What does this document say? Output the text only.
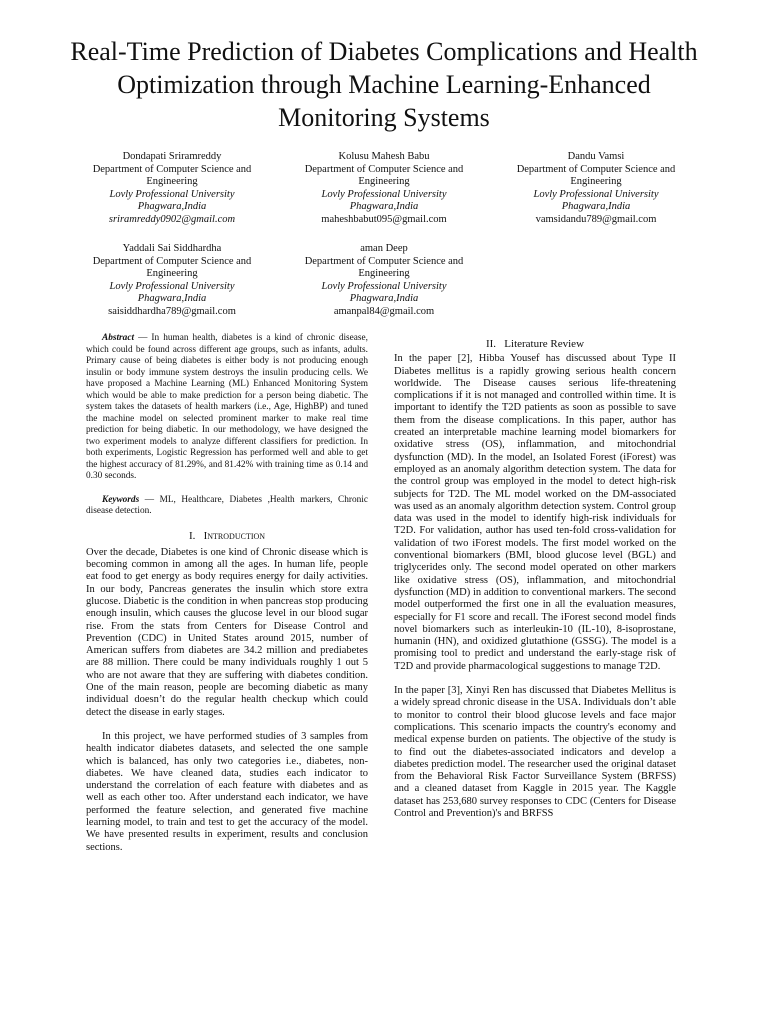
Real-Time Prediction of Diabetes Complications and Health Optimization through Machine Learning-Enhanced Monitoring Systems
Dondapati Sriramreddy
Department of Computer Science and Engineering
Lovly Professional University
Phagwara,India
sriramreddy0902@gmail.com
Kolusu Mahesh Babu
Department of Computer Science and Engineering
Lovly Professional University
Phagwara,India
maheshbabut095@gmail.com
Dandu Vamsi
Department of Computer Science and Engineering
Lovly Professional University
Phagwara,India
vamsidandu789@gmail.com
Yaddali Sai Siddhardha
Department of Computer Science and Engineering
Lovly Professional University
Phagwara,India
saisiddhardha789@gmail.com
aman Deep
Department of Computer Science and Engineering
Lovly Professional University
Phagwara,India
amanpal84@gmail.com

Abstract — In human health, diabetes is a kind of chronic disease, which could be found across different age groups, such as infants, adults. Primary cause of being diabetes is either body is not producing enough insulin or body immune system destroys the insulin producing cells. We have proposed a Machine Learning (ML) Enhanced Monitoring System which would be able to make prediction for a person being diabetic. The system takes the datasets of health markers (i.e., Age, HighBP) and tuned the machine model on selected prominent marker to make real time prediction for being diabetic. In our methodology, we have designed the two experiment models to analyze different classifiers for prediction. In both experiments, Logistic Regression has performed well and able to get the highest accuracy of 81.29%, and 81.42% with training time as 0.14 and 0.30 seconds.

Keywords — ML, Healthcare, Diabetes ,Health markers, Chronic disease detection.

I. Introduction

Over the decade, Diabetes is one kind of Chronic disease which is becoming common in among all the ages. In human life, people eat food to get energy as body requires energy for daily activities. In our body, Pancreas generates the insulin which store extra glucose. Diabetic is the condition in when pancreas stop producing enough insulin, which causes the glucose level in our blood sugar rise. From the stats from Centers for Disease Control and Prevention (CDC) in United States around 2015, number of American suffers from diabetes are 34.2 million and prediabetes are 88 million. There could be many individuals roughly 1 out 5 who are not aware that they are suffering with diabetes condition. One of the main reason, people are becoming diabetic as many individual doesn’t do the regular health checkup which could detect the disease in early stages.

In this project, we have performed studies of 3 samples from health indicator diabetes datasets, and selected the one sample which is balanced, has only two categories i.e., diabetes, non-diabetes. We have cleaned data, studies each indicator to understand the correlation of each feature with diabetes and as well as each other too. After understand each indicator, we have performed the feature selection, and generated five machine learning model, to train and test to get the accuracy of the model. We have presented results in experiment, results and conclusion sections.

II. Literature Review

In the paper [2], Hibba Yousef has discussed about Type II Diabetes mellitus is a rapidly growing serious health concern worldwide. The Disease causes serious life-threatening complications if it is not managed and controlled within time. It is important to identify the T2D patients as soon as possible to save them from the disease complications. In this paper, author has created an interpretable machine learning model biomarkers for oxidative stress (OS), inflammation, and mitochondrial dysfunction (MD). In the model, an Isolated Forest (iForest) was employed as an anomaly algorithm detection system. The data for the control group was employed in the model to detect high-risk subjects for T2D. The ML model worked on the DM-associated was used as an anomaly algorithm detection system. Control group data was used in the model to identify high-risk individuals for T2D. For validation, author has used ten-fold cross-validation for validation of two iForest models. The first model worked on the conventional biomarkers (BMI, blood glucose level (BGL) and triglycerides only. The second model operated on other markers like oxidative stress (OS), inflammation, and mitochondrial dysfunction (MD) in addition to conventional markers. The second model outperformed the first one in all the evaluation measures, especially for F1 score and recall. The iForest second model finds novel biomarkers such as interleukin-10 (IL-10), 8-isoprostane, humanin (HN), and oxidized glutathione (GSSG). The model is a promising tool to predict and understand the early-stage risk of T2D and provide pharmacological suggestions to manage T2D.

In the paper [3], Xinyi Ren has discussed that Diabetes Mellitus is a widely spread chronic disease in the USA. Individuals don’t able to monitor to control their blood glucose levels and face major complications. This scenario impacts the country's economy and medical expense burden on patients. The objective of the study is to find out the diabetes-associated indicators and develop a diabetes prediction model. The researcher used the original dataset from the Behavioral Risk Factor Surveillance System (BRFSS) and a cleaned dataset from Kaggle in 2015 year. The Kaggle dataset has 253,680 survey responses to CDC (Centers for Disease Control and Prevention)'s and BRFSS
